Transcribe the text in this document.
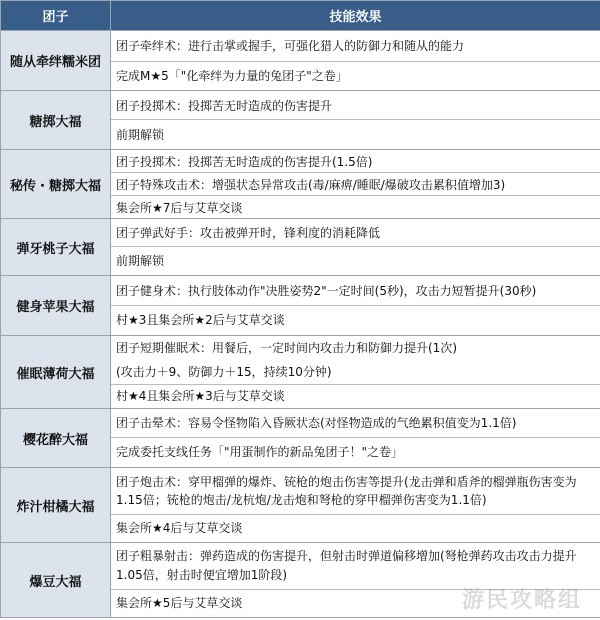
团子	技能效果
随从牵绊糯米团	团子牵绊术：进行击掌或握手，可强化猎人的防御力和随从的能力
完成M★5「"化牵绊为力量的兔团子"之卷」

糖掷大福	团子投掷术：投掷苦无时造成的伤害提升
前期解锁

秘传・糖掷大福	团子投掷术：投掷苦无时造成的伤害提升(1.5倍)
团子特殊攻击术：增强状态异常攻击(毒/麻痹/睡眠/爆破攻击累积值增加3)
集会所★7后与艾草交谈

弹牙桃子大福	团子弹武好手：攻击被弹开时，锋利度的消耗降低
前期解锁

健身苹果大福	团子健身术：执行肢体动作"决胜姿势2"一定时间(5秒)，攻击力短暂提升(30秒)
村★3且集会所★2后与艾草交谈

催眠薄荷大福	团子短期催眠术：用餐后，一定时间内攻击力和防御力提升(1次)
(攻击力＋9、防御力＋15，持续10分钟)
村★4且集会所★3后与艾草交谈

樱花醉大福	团子击晕术：容易令怪物陷入昏厥状态(对怪物造成的气绝累积值变为1.1倍)
完成委托支线任务「"用蛋制作的新品兔团子！"之卷」

炸汁柑橘大福	团子炮击术：穿甲榴弹的爆炸、铳枪的炮击伤害等提升(龙击弹和盾斧的榴弹瓶伤害变为1.15倍；铳枪的炮击/龙杭炮/龙击炮和弩枪的穿甲榴弹伤害变为1.1倍)
集会所★4后与艾草交谈

爆豆大福	团子粗暴射击：弹药造成的伤害提升，但射击时弹道偏移增加(弩枪弹药攻击攻击力提升1.05倍，射击时便宜增加1阶段)
集会所★5后与艾草交谈	游民攻略组
